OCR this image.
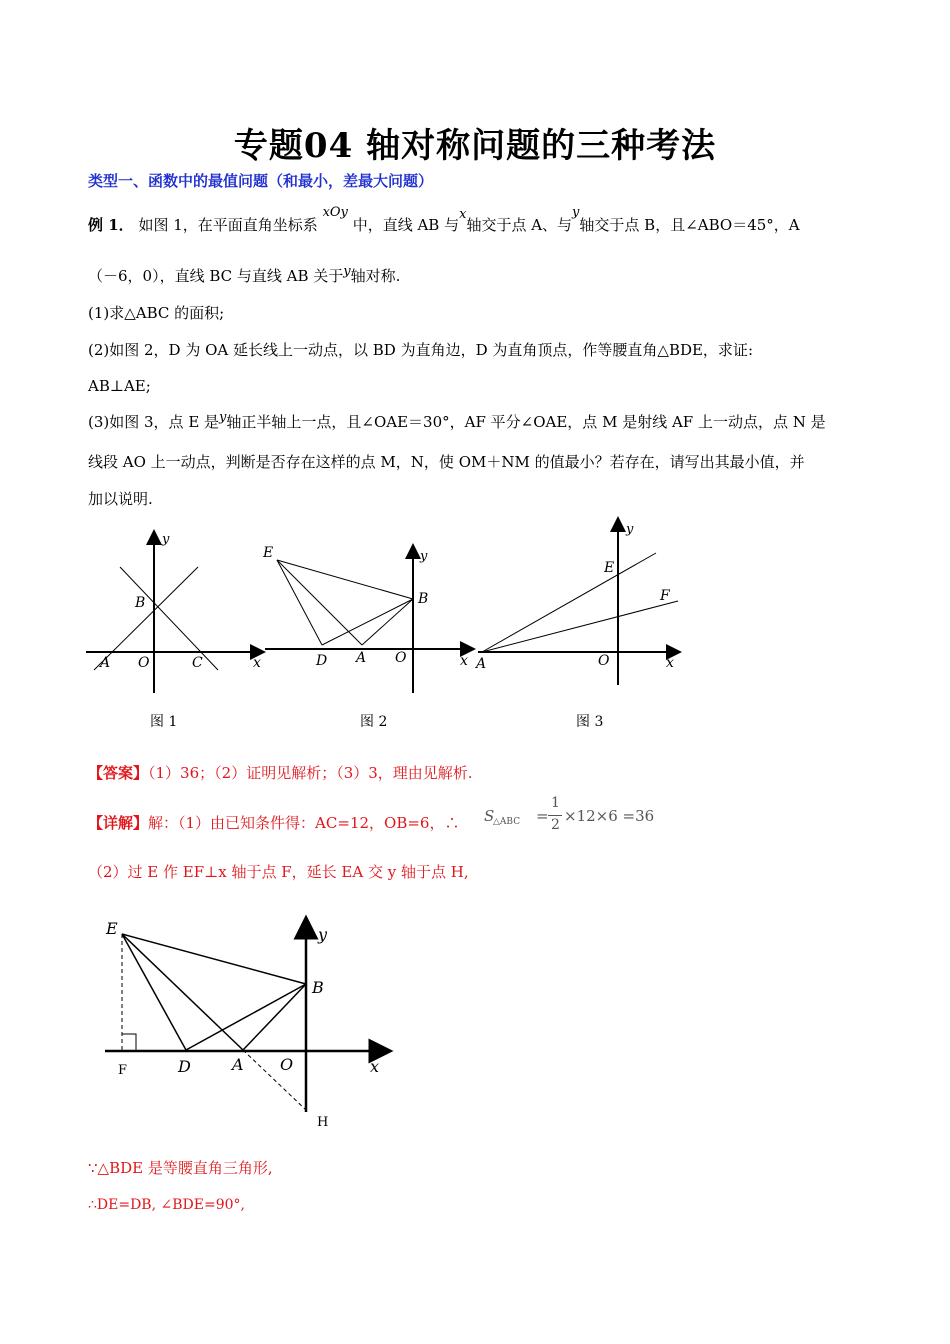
专题04 轴对称问题的三种考法
类型一、函数中的最值问题（和最小，差最大问题）
例 1． 如图 1，在平面直角坐标系 xOy 中，直线 AB 与x轴交于点 A、与y轴交于点 B，且∠ABO＝45°，A
（－6，0），直线 BC 与直线 AB 关于y轴对称.
(1)求△ABC 的面积;
(2)如图 2，D 为 OA 延长线上一动点，以 BD 为直角边，D 为直角顶点，作等腰直角△BDE，求证:
AB⊥AE;
(3)如图 3，点 E 是y轴正半轴上一点，且∠OAE＝30°，AF 平分∠OAE，点 M 是射线 AF 上一动点，点 N 是
线段 AO 上一动点，判断是否存在这样的点 M，N，使 OM＋NM 的值最小？若存在，请写出其最小值，并
加以说明.
y
B
A O	C	x
图 1
E	y
B
D A O	x
图 2
y
E
F
A	O	x
图 3
【答案】（1）36；（2）证明见解析；（3）3，理由见解析.
【详解】解：（1）由已知条件得：AC=12，OB=6，∴ S
△ABC =
1
2 ×12×6 =36
（2）过 E 作 EF⊥x 轴于点 F，延长 EA 交 y 轴于点 H,
E	y
B
F	D	A O	x
H
∵△BDE 是等腰直角三角形,
∴DE=DB, ∠BDE=90°,
